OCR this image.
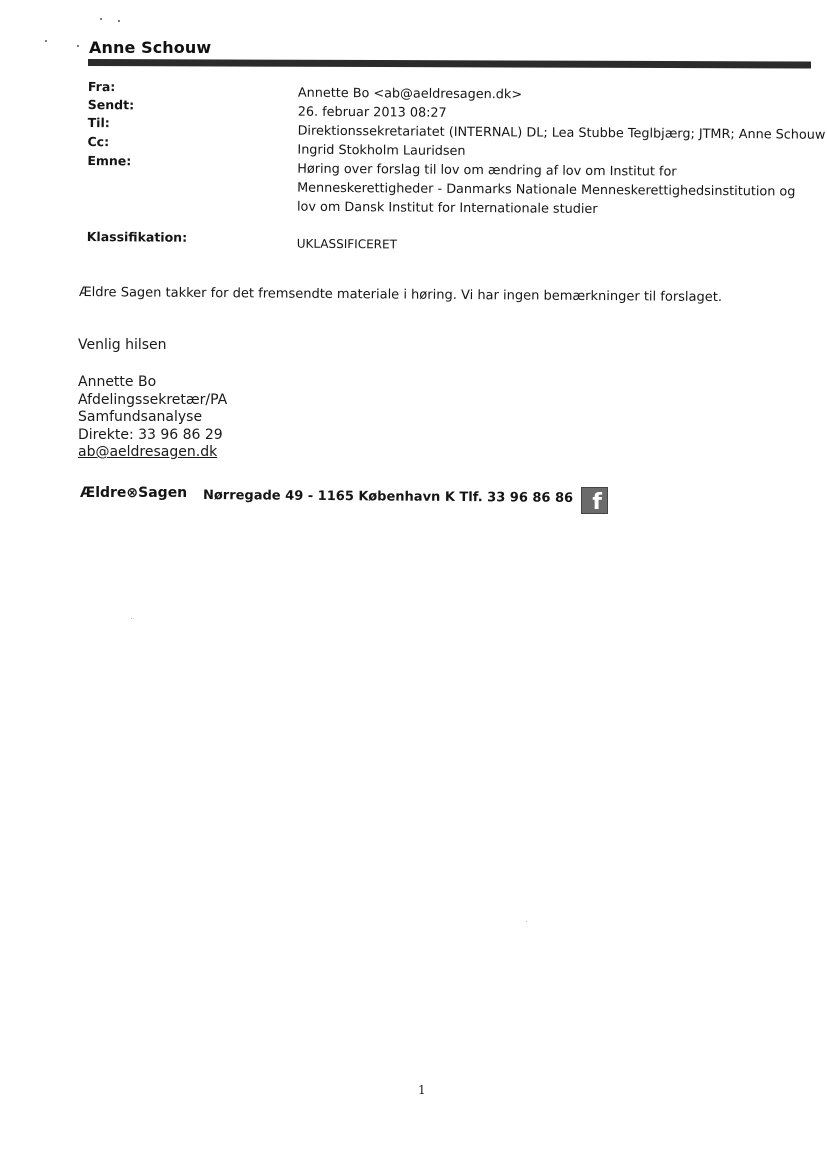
Anne Schouw
Fra:
Sendt:
Til:
Cc:
Emne:
Klassifikation:
Annette Bo <ab@aeldresagen.dk>
26. februar 2013 08:27
Direktionssekretariatet (INTERNAL) DL; Lea Stubbe Teglbjærg; JTMR; Anne Schouw
Ingrid Stokholm Lauridsen
Høring over forslag til lov om ændring af lov om Institut for Menneskerettigheder - Danmarks Nationale Menneskerettighedsinstitution og lov om Dansk Institut for Internationale studier
UKLASSIFICERET
Ældre Sagen takker for det fremsendte materiale i høring. Vi har ingen bemærkninger til forslaget.
Venlig hilsen
Annette Bo
Afdelingssekretær/PA
Samfundsanalyse
Direkte: 33 96 86 29
ab@aeldresagen.dk
Ældre⊗Sagen Nørregade 49 - 1165 København K Tlf. 33 96 86 86 f
1
